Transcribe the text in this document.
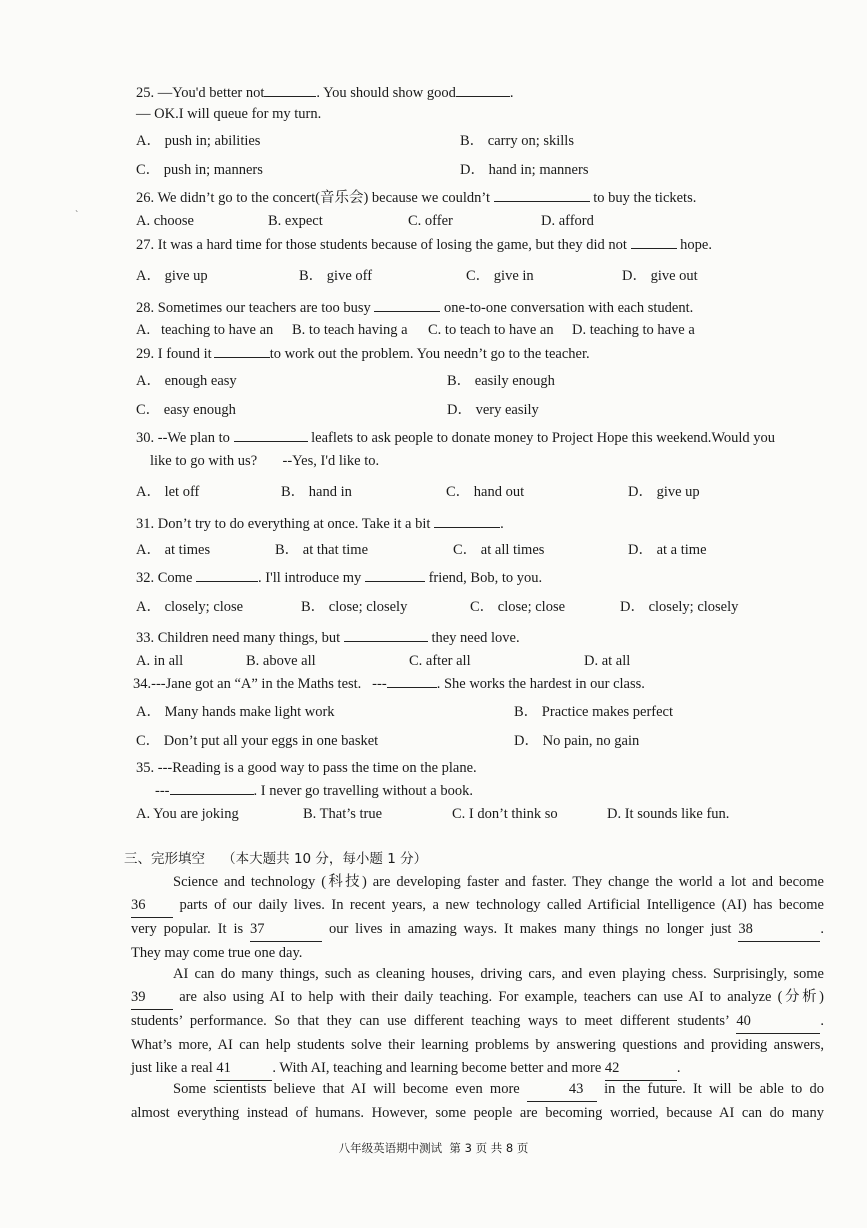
25. —You'd better not	. You should show good	.
— OK.I will queue for my turn.
A． push in; abilities	B． carry on; skills
C． push in; manners	D． hand in; manners
26. We didn’t go to the concert(音乐会) because we couldn’t	to buy the tickets.
ˋ	A. choose	B. expect	C. offer	D. afford
27. It was a hard time for those students because of losing the game, but they did not	hope.
A． give up	B． give off	C． give in	D． give out
28. Sometimes our teachers are too busy	one-to-one conversation with each student.
A.   teaching to have an B. to teach having a C. to teach to have an D. teaching to have a
29. I found it	to work out the problem. You needn’t go to the teacher.
A． enough easy	B． easily enough
C． easy enough	D． very easily
30. --We plan to	leaflets to ask people to donate money to Project Hope this weekend.Would you
like to go with us?       --Yes, I'd like to.
A． let off	B． hand in	C． hand out	D． give up
31. Don’t try to do everything at once. Take it a bit	.
A． at times	B． at that time	C． at all times	D． at a time
32. Come	. I'll introduce my	friend, Bob, to you.
A． closely; close	B． close; closely	C． close; close	D． closely; closely
33. Children need many things, but	they need love.
A. in all	B. above all	C. after all	D. at all
34.---Jane got an “A” in the Maths test.   ---	. She works the hardest in our class.
A． Many hands make light work	B． Practice makes perfect
C． Don’t put all your eggs in one basket	D． No pain, no gain
35. ---Reading is a good way to pass the time on the plane.
---	. I never go travelling without a book.
A. You are joking	B. That’s true	C. I don’t think so	D. It sounds like fun.
三、完形填空    （本大题共 10 分，每小题 1 分）
Science and technology (科技) are developing faster and faster. They change the world a lot and become
36 parts of our daily lives. In recent years, a new technology called Artificial Intelligence (AI) has become
very popular. It is 37	our lives in amazing ways. It makes many things no longer just 38	.
They may come true one day.
AI can do many things, such as cleaning houses, driving cars, and even playing chess. Surprisingly, some
39 are also using AI to help with their daily teaching. For example, teachers can use AI to analyze (分析)
students’ performance. So that they can use different teaching ways to meet different students’ 40	.
What’s more, AI can help students solve their learning problems by answering questions and providing answers,
just like a real 41	. With AI, teaching and learning become better and more 42	.
Some scientists believe that AI will become even more	43 in the future. It will be able to do
almost everything instead of humans. However, some people are becoming worried, because AI can do many
八年级英语期中测试  第 3 页 共 8 页
